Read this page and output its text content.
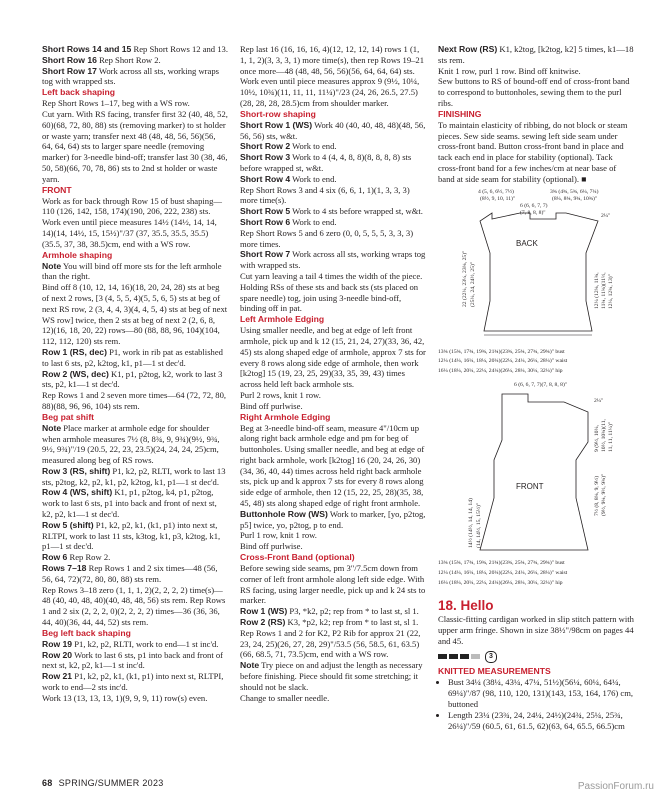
Short Rows 14 and 15 Rep Short Rows 12 and 13.

Short Row 16 Rep Short Row 2.

Short Row 17 Work across all sts, working wraps tog with wrapped sts.

Left back shaping

Rep Short Rows 1–17, beg with a WS row.
Cut yarn. With RS facing, transfer first 32 (40, 48, 52, 60)(68, 72, 80, 88) sts (removing marker) to st holder or waste yarn; transfer next 48 (48, 48, 56, 56)(56, 64, 64, 64) sts to larger spare needle (removing marker) for 3-needle bind-off; transfer last 30 (38, 46, 50, 58)(66, 70, 78, 86) sts to 2nd st holder or waste yarn.

FRONT

Work as for back through Row 15 of bust shaping— 110 (126, 142, 158, 174)(190, 206, 222, 238) sts.
Work even until piece measures 14½ (14½, 14, 14, 14)(14, 14½, 15, 15½)"/37 (37, 35.5, 35.5, 35.5)(35.5, 37, 38, 38.5)cm, end with a WS row.

Armhole shaping

Note You will bind off more sts for the left armhole than the right.

Bind off 8 (10, 12, 14, 16)(18, 20, 24, 28) sts at beg of next 2 rows, [3 (4, 5, 5, 4)(5, 5, 6, 5) sts at beg of next RS row, 2 (3, 4, 4, 3)(4, 4, 5, 4) sts at beg of next WS row] twice, then 2 sts at beg of next 2 (2, 6, 8, 12)(16, 18, 20, 22) rows—80 (88, 88, 96, 104)(104, 112, 112, 120) sts rem.

Row 1 (RS, dec) P1, work in rib pat as established to last 6 sts, p2, k2tog, k1, p1—1 st dec'd.

Row 2 (WS, dec) K1, p1, p2tog, k2, work to last 3 sts, p2, k1—1 st dec'd.

Rep Rows 1 and 2 seven more times—64 (72, 72, 80, 88)(88, 96, 96, 104) sts rem.

Beg pat shift

Note Place marker at armhole edge for shoulder when armhole measures 7½ (8, 8¾, 9, 9¾)(9½, 9¾, 9½, 9¾)"/19 (20.5, 22, 23, 23.5)(24, 24, 24, 25)cm, measured along beg of RS rows.

Row 3 (RS, shift) P1, k2, p2, RLTI, work to last 13 sts, p2tog, k2, p2, k1, p2, k2tog, k1, p1—1 st dec'd.

Row 4 (WS, shift) K1, p1, p2tog, k4, p1, p2tog, work to last 6 sts, p1 into back and front of next st, k2, p2, k1—1 st dec'd.

Row 5 (shift) P1, k2, p2, k1, (k1, p1) into next st, RLTPI, work to last 11 sts, k3tog, k1, p3, k2tog, k1, p1—1 st dec'd.

Row 6 Rep Row 2.

Rows 7–18 Rep Rows 1 and 2 six times—48 (56, 56, 64, 72)(72, 80, 80, 88) sts rem.

Rep Rows 3–18 zero (1, 1, 1, 2)(2, 2, 2, 2) time(s)—48 (40, 40, 48, 40)(40, 48, 48, 56) sts rem. Rep Rows 1 and 2 six (2, 2, 2, 0)(2, 2, 2, 2) times—36 (36, 36, 44, 40)(36, 44, 44, 52) sts rem.

Beg left back shaping

Row 19 P1, k2, p2, RLTI, work to end—1 st inc'd.

Row 20 Work to last 6 sts, p1 into back and front of next st, k2, p2, k1—1 st inc'd.

Row 21 P1, k2, p2, k1, (k1, p1) into next st, RLTPI, work to end—2 sts inc'd.

Work 13 (13, 13, 13, 1)(9, 9, 9, 11) row(s) even.

Rep last 16 (16, 16, 16, 4)(12, 12, 12, 14) rows 1 (1, 1, 1, 2)(3, 3, 3, 1) more time(s), then rep Rows 19–21 once more—48 (48, 48, 56, 56)(56, 64, 64, 64) sts.
Work even until piece measures approx 9 (9½, 10¼, 10½, 10¾)(11, 11, 11, 11¼)"/23 (24, 26, 26.5, 27.5)(28, 28, 28, 28.5)cm from shoulder marker.

Short-row shaping

Short Row 1 (WS) Work 40 (40, 40, 48, 48)(48, 56, 56, 56) sts, w&t.

Short Row 2 Work to end.

Short Row 3 Work to 4 (4, 4, 8, 8)(8, 8, 8, 8) sts before wrapped st, w&t.

Short Row 4 Work to end.

Rep Short Rows 3 and 4 six (6, 6, 1, 1)(1, 3, 3, 3) more time(s).

Short Row 5 Work to 4 sts before wrapped st, w&t.

Short Row 6 Work to end.

Rep Short Rows 5 and 6 zero (0, 0, 5, 5, 5, 3, 3, 3) more times.

Short Row 7 Work across all sts, working wraps tog with wrapped sts.

Cut yarn leaving a tail 4 times the width of the piece. Holding RSs of these sts and back sts (sts placed on spare needle) tog, join using 3-needle bind-off, binding off in pat.

Left Armhole Edging

Using smaller needle, and beg at edge of left front armhole, pick up and k 12 (15, 21, 24, 27)(33, 36, 42, 45) sts along shaped edge of armhole, approx 7 sts for every 8 rows along side edge of armhole, then work [k2tog] 15 (19, 23, 25, 29)(33, 35, 39, 43) times across held left back armhole sts.
Purl 2 rows, knit 1 row.
Bind off purlwise.

Right Armhole Edging

Beg at 3-needle bind-off seam, measure 4"/10cm up along right back armhole edge and pm for beg of buttonholes. Using smaller needle, and beg at edge of right back armhole, work [k2tog] 16 (20, 24, 26, 30)(34, 36, 40, 44) times across held right back armhole sts, pick up and k approx 7 sts for every 8 rows along side edge of armhole, then 12 (15, 22, 25, 28)(35, 38, 45, 48) sts along shaped edge of right front armhole.

Buttonhole Row (WS) Work to marker, [yo, p2tog, p5] twice, yo, p2tog, p to end.
Purl 1 row, knit 1 row.
Bind off purlwise.

Cross-Front Band (optional)

Before sewing side seams, pm 3"/7.5cm down from corner of left front armhole along left side edge. With RS facing, using larger needle, pick up and k 24 sts to marker.

Row 1 (WS) P3, *k2, p2; rep from * to last st, sl 1.

Row 2 (RS) K3, *p2, k2; rep from * to last st, sl 1.

Rep Rows 1 and 2 for K2, P2 Rib for approx 21 (22, 23, 24, 25)(26, 27, 28, 29)"/53.5 (56, 58.5, 61, 63.5)(66, 68.5, 71, 73.5)cm, end with a WS row.

Note Try piece on and adjust the length as necessary before finishing. Piece should fit some stretching; it should not be slack.

Change to smaller needle.

Next Row (RS) K1, k2tog, [k2tog, k2] 5 times, k1—18 sts rem.
Knit 1 row, purl 1 row. Bind off knitwise.
Sew buttons to RS of bound-off end of cross-front band to correspond to buttonholes, sewing them to the purl ribs.

FINISHING

To maintain elasticity of ribbing, do not block or steam pieces. Sew side seams. sewing left side seam under cross-front band. Button cross-front band in place and tack each end in place for stability (optional). Tack cross-front band for a few inches/cm at near base of band at side seam for stability (optional). ■

4 (5, 6, 6½, 7½)
(8½, 9, 10, 11)"
3¾ (4¾, 5¾, 6¼, 7¼)
(8¼, 8¾, 9¾, 10¾)"
6 (6, 6, 7, 7)
(7, 8, 8, 8)"
BACK
2¼"
22 (22¼, 23¼, 23¾, 25)" (25¼, 24, 24½, 25)"	12¼ (12¾, 11¾, 11¾, 11¾)(11½, 12¼, 12¾, 13)"
13¾ (15¾, 17¾, 19¾, 21¾)(23¾, 25¾, 27¾, 29¾)" bust
12¼ (14¼, 16¼, 18¼, 20¼)(22¼, 24¼, 26¼, 28¼)" waist
16¼ (18¼, 20¼, 22¼, 24¼)(26¼, 28¼, 30¼, 32¼)" hip
6 (6, 6, 7, 7)(7, 8, 8, 8)"
FRONT
2¼"
9 (9½, 10¼, 10½, 10¾)(11, 11, 11, 11¼)"
7½ (8, 8¾, 9, 9½) (9½, 9¾, 9½, 9¾)"
14½ (14½, 14, 14, 14) (14, 14½, 15, 15½)"
13¾ (15¾, 17¾, 19¾, 21¾)(23¾, 25¾, 27¾, 29¾)" bust
12¼ (14¼, 16¼, 18¼, 20¼)(22¼, 24¼, 26¼, 28¼)" waist
16¼ (18¼, 20¼, 22¼, 24¼)(26¼, 28¼, 30¼, 32¼)" hip

18. Hello

Classic-fitting cardigan worked in slip stitch pattern with upper arm fringe. Shown in size 38½"/98cm on pages 44 and 45.

3

KNITTED MEASUREMENTS

• Bust 34¼ (38¼, 43¼, 47¼, 51½)(56¼, 60¼, 64¼, 69¼)"/87 (98, 110, 120, 131)(143, 153, 164, 176) cm, buttoned
• Length 23¼ (23¾, 24, 24¼, 24½)(24¾, 25¼, 25¾, 26¼)"/59 (60.5, 61, 61.5, 62)(63, 64, 65.5, 66.5)cm
68 SPRING/SUMMER 2023	PassionForum.ru
